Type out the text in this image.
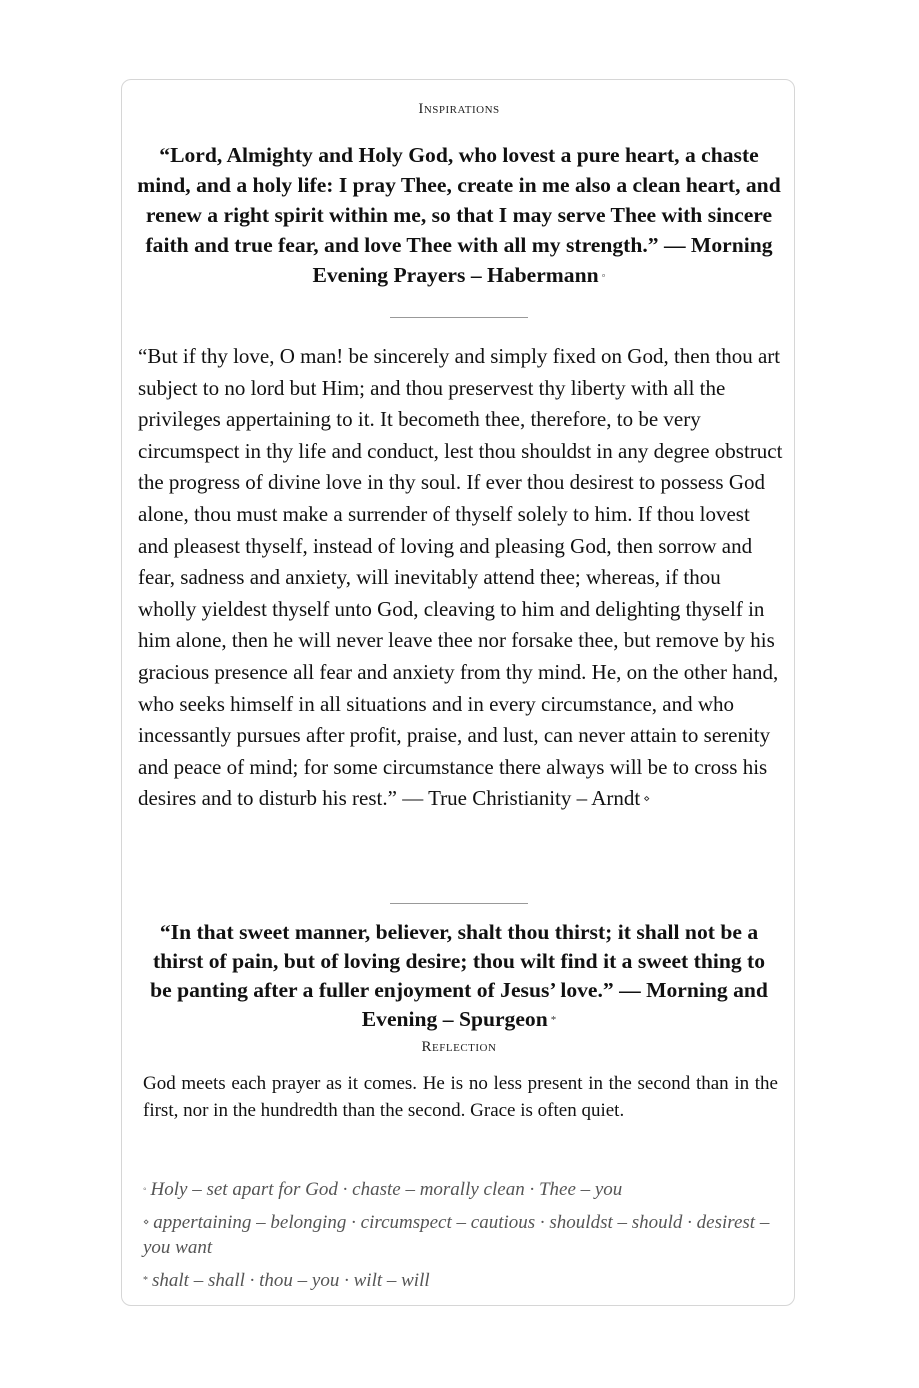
Inspirations
“Lord, Almighty and Holy God, who lovest a pure heart, a chaste mind, and a holy life: I pray Thee, create in me also a clean heart, and renew a right spirit within me, so that I may serve Thee with sincere faith and true fear, and love Thee with all my strength.” — Morning Evening Prayers – Habermann ◦
“But if thy love, O man! be sincerely and simply fixed on God, then thou art subject to no lord but Him; and thou preservest thy liberty with all the privileges appertaining to it. It becometh thee, therefore, to be very circumspect in thy life and conduct, lest thou shouldst in any degree obstruct the progress of divine love in thy soul. If ever thou desirest to possess God alone, thou must make a surrender of thyself solely to him. If thou lovest and pleasest thyself, instead of loving and pleasing God, then sorrow and fear, sadness and anxiety, will inevitably attend thee; whereas, if thou wholly yieldest thyself unto God, cleaving to him and delighting thyself in him alone, then he will never leave thee nor forsake thee, but remove by his gracious presence all fear and anxiety from thy mind. He, on the other hand, who seeks himself in all situations and in every circumstance, and who incessantly pursues after profit, praise, and lust, can never attain to serenity and peace of mind; for some circumstance there always will be to cross his desires and to disturb his rest.” — True Christianity – Arndt ⋄
“In that sweet manner, believer, shalt thou thirst; it shall not be a thirst of pain, but of loving desire; thou wilt find it a sweet thing to be panting after a fuller enjoyment of Jesus’ love.” — Morning and Evening – Spurgeon *
Reflection
God meets each prayer as it comes. He is no less present in the second than in the first, nor in the hundredth than the second. Grace is often quiet.
◦ Holy – set apart for God · chaste – morally clean · Thee – you
⋄ appertaining – belonging · circumspect – cautious · shouldst – should · desirest – you want
* shalt – shall · thou – you · wilt – will
